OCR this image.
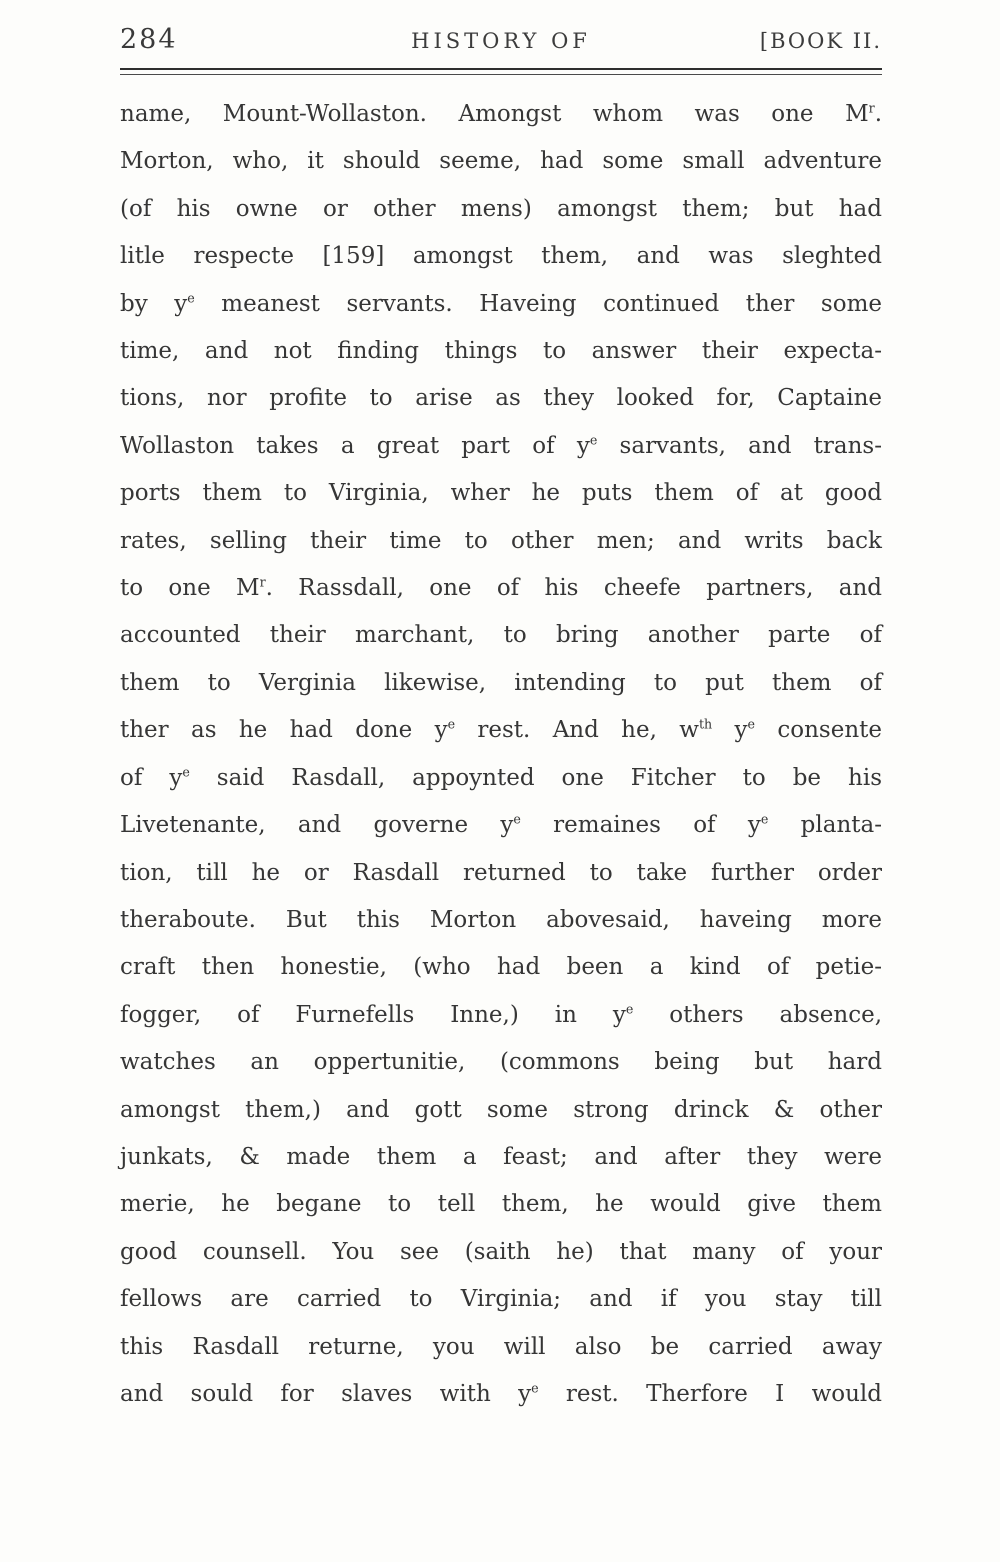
284	HISTORY OF	[BOOK II.
name, Mount-Wollaston. Amongst whom was one $M^r$.
Morton, who, it should seeme, had some small adventure
(of his owne or other mens) amongst them; but had
litle respecte [159] amongst them, and was sleghted
by $y^e$ meanest servants. Haveing continued ther some
time, and not finding things to answer their expecta-
tions, nor profite to arise as they looked for, Captaine
Wollaston takes a great part of $y^e$ sarvants, and trans-
ports them to Virginia, wher he puts them of at good
rates, selling their time to other men; and writs back
to one $M^r$. Rassdall, one of his cheefe partners, and
accounted their marchant, to bring another parte of
them to Verginia likewise, intending to put them of
ther as he had done $y^e$ rest. And he, $w^{th}$ $y^e$ consente
of $y^e$ said Rasdall, appoynted one Fitcher to be his
Livetenante, and governe $y^e$ remaines of $y^e$ planta-
tion, till he or Rasdall returned to take further order
theraboute. But this Morton abovesaid, haveing more
craft then honestie, (who had been a kind of petie-
fogger, of Furnefells Inne,) in $y^e$ others absence,
watches an oppertunitie, (commons being but hard
amongst them,) and gott some strong drinck & other
junkats, & made them a feast; and after they were
merie, he begane to tell them, he would give them
good counsell. You see (saith he) that many of your
fellows are carried to Virginia; and if you stay till
this Rasdall returne, you will also be carried away
and sould for slaves with $y^e$ rest. Therfore I would
